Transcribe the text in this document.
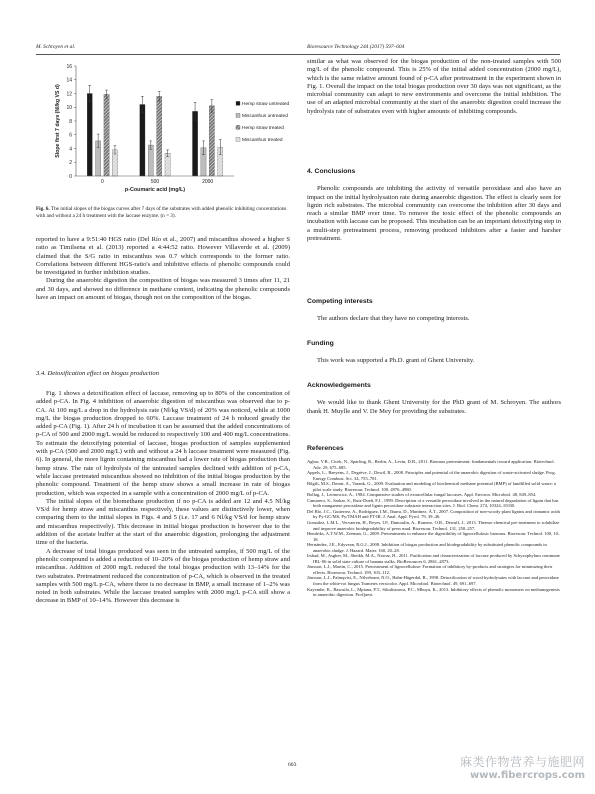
M. Schroyen et al.	Bioresource Technology 244 (2017) 597–604
0
2
4
6
8
10
12
14
16
Slope first 7 days (Nl/kg VS d)
0	500	2000
p-Coumaric acid (mg/L)
Hemp straw untreated
Miscanthus untreated
Hemp straw treated
Miscanthus treated
Fig. 6. The initial slopes of the biogas curves after 7 days of the substrates with added phenolic inhibiting concentrations with and without a 24 h treatment with the laccase enzyme. (n = 3).

reported to have a 9:51:40 HGS ratio (Del Río et al., 2007) and miscanthus showed a higher S ratio as Timilsena et al. (2013) reported a 4:44:52 ratio. However Villaverde et al. (2009) claimed that the S/G ratio in miscanthus was 0.7 which corresponds to the former ratio. Correlations between different HGS-ratio's and inhibitive effects of phenolic compounds could be investigated in further inhibition studies.

During the anaerobic digestion the composition of biogas was measured 3 times after 11, 21 and 30 days, and showed no difference in methane content, indicating the phenolic compounds have an impact on amount of biogas, though not on the composition of the biogas.

3.4. Detoxification effect on biogas production

Fig. 1 shows a detoxification effect of laccase, removing up to 80% of the concentration of added p-CA. In Fig. 4 inhibition of anaerobic digestion of miscanthus was observed due to p-CA. At 100 mg/L a drop in the hydrolysis rate (Nl/kg VS/d) of 20% was noticed, while at 1000 mg/L the biogas production dropped to 60%. Laccase treatment of 24 h reduced greatly the added p-CA (Fig. 1). After 24 h of incubation it can be assumed that the added concentrations of p-CA of 500 and 2000 mg/L would be reduced to respectively 100 and 400 mg/L concentrations. To estimate the detoxifying potential of laccase, biogas production of samples supplemented with p-CA (500 and 2000 mg/L) with and without a 24 h laccase treatment were measured (Fig. 6). In general, the more lignin containing miscanthus had a lower rate of biogas production than hemp straw. The rate of hydrolysis of the untreated samples declined with addition of p-CA, while laccase pretreated miscanthus showed no inhibition of the initial biogas production by the phenolic compound. Treatment of the hemp straw shows a small increase in rate of biogas production, which was expected in a sample with a concentration of 2000 mg/L of p-CA.

The initial slopes of the biomethane production if no p-CA is added are 12 and 4.5 Nl/kg VS/d for hemp straw and miscanthus respectively, these values are distinctively lower, when comparing them to the initial slopes in Figs. 4 and 5 (i.e. 17 and 6 Nl/kg VS/d for hemp straw and miscanthus respectively). This decrease in initial biogas production is however due to the addition of the acetate buffer at the start of the anaerobic digestion, prolonging the adjustment time of the bacteria.

A decrease of total biogas produced was seen in the untreated samples, if 500 mg/L of the phenolic compound is added a reduction of 10–20% of the biogas production of hemp straw and miscanthus. Addition of 2000 mg/L reduced the total biogas production with 13–14% for the two substrates. Pretreatment reduced the concentration of p-CA, which is observed in the treated samples with 500 mg/L p-CA, where there is no decrease in BMP, a small increase of 1–2% was noted in both substrates. While the laccase treated samples with 2000 mg/L p-CA still show a decrease in BMP of 10–14%. However this decrease is

similar as what was observed for the biogas production of the non-treated samples with 500 mg/L of the phenolic compound. This is 25% of the initial added concentration (2000 mg/L), which is the same relative amount found of p-CA after pretreatment in the experiment shown in Fig. 1. Overall the impact on the total biogas production over 30 days was not significant, as the microbial community can adapt to new environments and overcome the initial inhibition. The use of an adapted microbial community at the start of the anaerobic digestion could increase the hydrolysis rate of substrates even with higher amounts of inhibiting compounds.

4. Conclusions

Phenolic compounds are inhibiting the activity of versatile peroxidase and also have an impact on the initial hydrolysation rate during anaerobic digestion. The effect is clearly seen for lignin rich substrates. The microbial community can overcome the inhibition after 30 days and reach a similar BMP over time. To remove the toxic effect of the phenolic compounds an incubation with laccase can be proposed. This incubation can be an important detoxifying step in a multi-step pretreatment process, removing produced inhibitors after a faster and harsher pretreatment.

Competing interests

The authors declare that they have no competing interests.

Funding

This work was supported a Ph.D. grant of Ghent University.

Acknowledgements

We would like to thank Ghent University for the PhD grant of M. Schroyen. The authors thank H. Muylle and V. De Mey for providing the substrates.

References

Agbor, V.B., Cicek, N., Sparling, R., Berlin, A., Levin, D.B., 2011. Biomass pretreatment: fundamentals toward application. Biotechnol. Adv. 29, 675–685.

Appels, L., Baeyens, J., Degrève, J., Dewil, R., 2008. Principles and potential of the anaerobic digestion of waste-activated sludge. Prog. Energy Combust. Sci. 34, 755–781.

Bilgili, M.S., Demir, A., Varank, G., 2009. Evaluation and modeling of biochemical methane potential (BMP) of landfilled solid waste: a pilot scale study. Bioresour. Technol. 100, 4976–4980.

Bollag, J., Leonowicz, A., 1984. Comparative studies of extracellular fungal laccases. Appl. Environ. Microbiol. 48, 849–854.

Camarero, S., Sarkar, S., Ruiz-Dueñ, F.J., 1999. Description of a versatile peroxidase involved in the natural degradation of lignin that has both manganese peroxidase and lignin peroxidase substrate interaction sites. J. Biol. Chem. 274, 10324–10330.

Del Río, J.C., Gutierrez, A., Rodríguez, I.M., Ibarra, D., Martínez, Á.T., 2007. Composition of non-woody plant lignins and cinnamic acids by Py-GC/MS, Py/TMAH and FT-IR. J. Anal. Appl. Pyrol. 79, 39–46.

Gonzalez, L.M.L., Vervaeren, H., Reyes, I.P., Dumoulin, A., Romero, O.R., Dewulf, J., 2013. Thermo-chemical pre-treatment to solubilize and improve anaerobic biodegradability of press mud. Bioresour. Technol. 131, 250–257.

Hendriks, A.T.W.M., Zeeman, G., 2009. Pretreatments to enhance the digestibility of lignocellulosic biomass. Bioresour. Technol. 100, 10–18.

Hernández, J.E., Edyvean, R.G.J., 2008. Inhibition of biogas production and biodegradability by substituted phenolic compounds in anaerobic sludge. J. Hazard. Mater. 160, 20–28.

Irshad, M., Asgher, M., Sheikh, M.A., Nawaz, H., 2011. Purification and characterization of laccase produced by Schyzophylum commune IBL-06 in solid state culture of banana stalks. BioResources 6, 2861–2873.

Jönsson, L.J., Martín, C., 2015. Pretreatment of lignocellulose: Formation of inhibitory by-products and strategies for minimizing their effects. Bioresour. Technol. 199, 103–112.

Jönsson, L.J., Palmqvist, E., Nilvebrant, N.O., Hahn-Hägerdal, B., 1998. Detoxification of wood hydrolysates with laccase and peroxidase from the white-rot fungus Trametes versicolor. Appl. Microbiol. Biotechnol. 49, 691–697.

Kayembe, K., Basosila, L., Mpiana, P.T., Sikulisimwa, P.C., Mbuyu, K., 2013. Inhibitory effects of phenolic monomers on methanogenesis in anaerobic digestion. ProQuest.

603	麻类作物营养与施肥网
www.fibercrops.com
